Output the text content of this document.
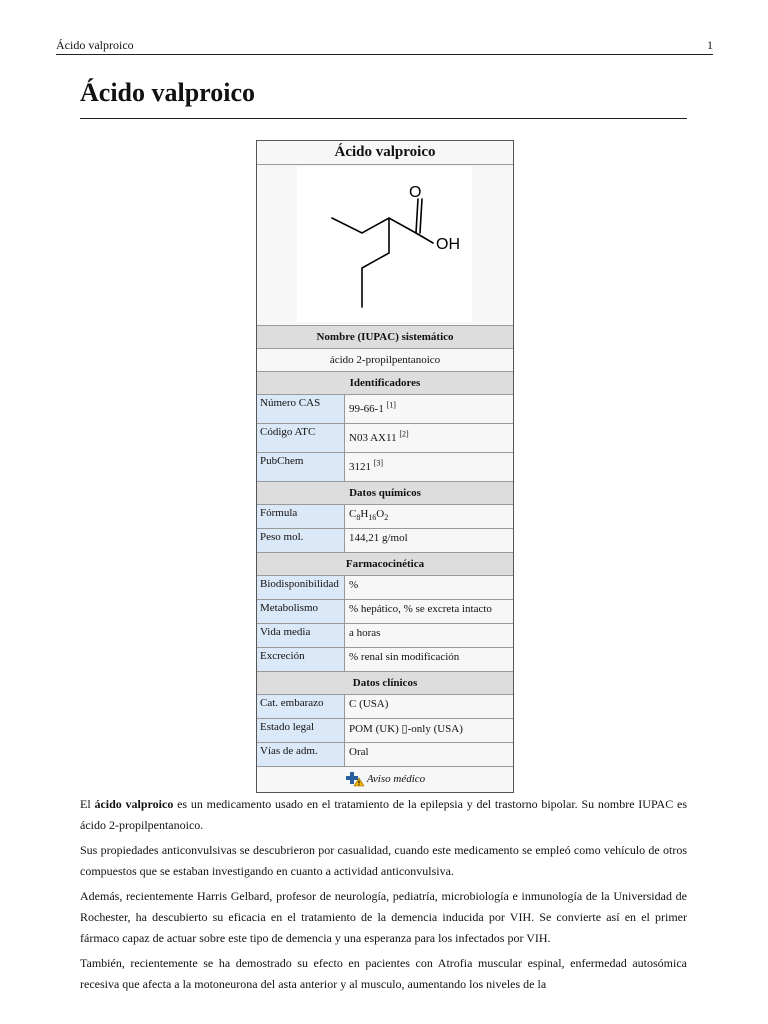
Ácido valproico	1
Ácido valproico
Ácido valproico
O
OH
Nombre (IUPAC) sistemático
ácido 2-propilpentanoico
Identificadores
Número CAS	99-66-1 [1]
Código ATC	N03 AX11 [2]
PubChem	3121 [3]
Datos químicos
Fórmula	$C_8H_{16}O_2$
Peso mol.	144,21 g/mol
Farmacocinética
Biodisponibilidad %
Metabolismo	% hepático, % se excreta intacto
Vida media	a horas
Excreción	% renal sin modificación
Datos clínicos
Cat. embarazo	C (USA)
Estado legal	POM (UK) ▯-only (USA)
Vías de adm.	Oral
Aviso médico

El ácido valproico es un medicamento usado en el tratamiento de la epilepsia y del trastorno bipolar. Su nombre IUPAC es ácido 2-propilpentanoico.

Sus propiedades anticonvulsivas se descubrieron por casualidad, cuando este medicamento se empleó como vehículo de otros compuestos que se estaban investigando en cuanto a actividad anticonvulsiva.

Además, recientemente Harris Gelbard, profesor de neurología, pediatría, microbiología e inmunología de la Universidad de Rochester, ha descubierto su eficacia en el tratamiento de la demencia inducida por VIH. Se convierte así en el primer fármaco capaz de actuar sobre este tipo de demencia y una esperanza para los infectados por VIH.

También, recientemente se ha demostrado su efecto en pacientes con Atrofia muscular espinal, enfermedad autosómica recesiva que afecta a la motoneurona del asta anterior y al musculo, aumentando los niveles de la
